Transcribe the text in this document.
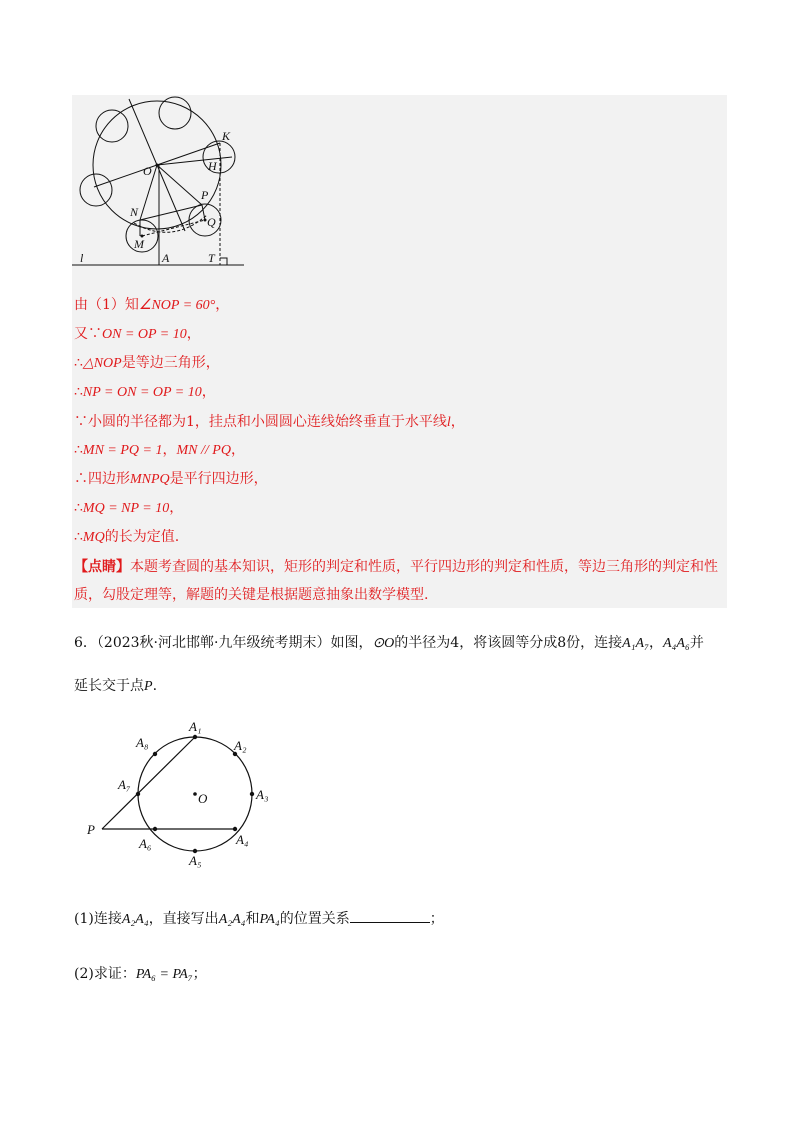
K
H
O
P
N
Q
M
l	A	T
由（1）知∠NOP = 60°，
又∵ON = OP = 10，
∴△NOP是等边三角形，
∴NP = ON = OP = 10，
∵小圆的半径都为1，挂点和小圆圆心连线始终垂直于水平线l，
∴MN = PQ = 1，MN // PQ，
∴四边形MNPQ是平行四边形，
∴MQ = NP = 10，
∴MQ的长为定值.
【点睛】本题考查圆的基本知识，矩形的判定和性质，平行四边形的判定和性质，等边三角形的判定和性质，勾股定理等，解题的关键是根据题意抽象出数学模型.
6．（2023秋·河北邯郸·九年级统考期末）如图，⊙O的半径为4，将该圆等分成8份，连接A₁A₇，A₄A₆并
延长交于点P.
A₁
A₂
A₃
A₄
A₅
A₆
A₇
A₈
O
P
(1)连接A₂A₄，直接写出A₂A₄和PA₄的位置关系	；
(2)求证：PA₆ = PA₇；
